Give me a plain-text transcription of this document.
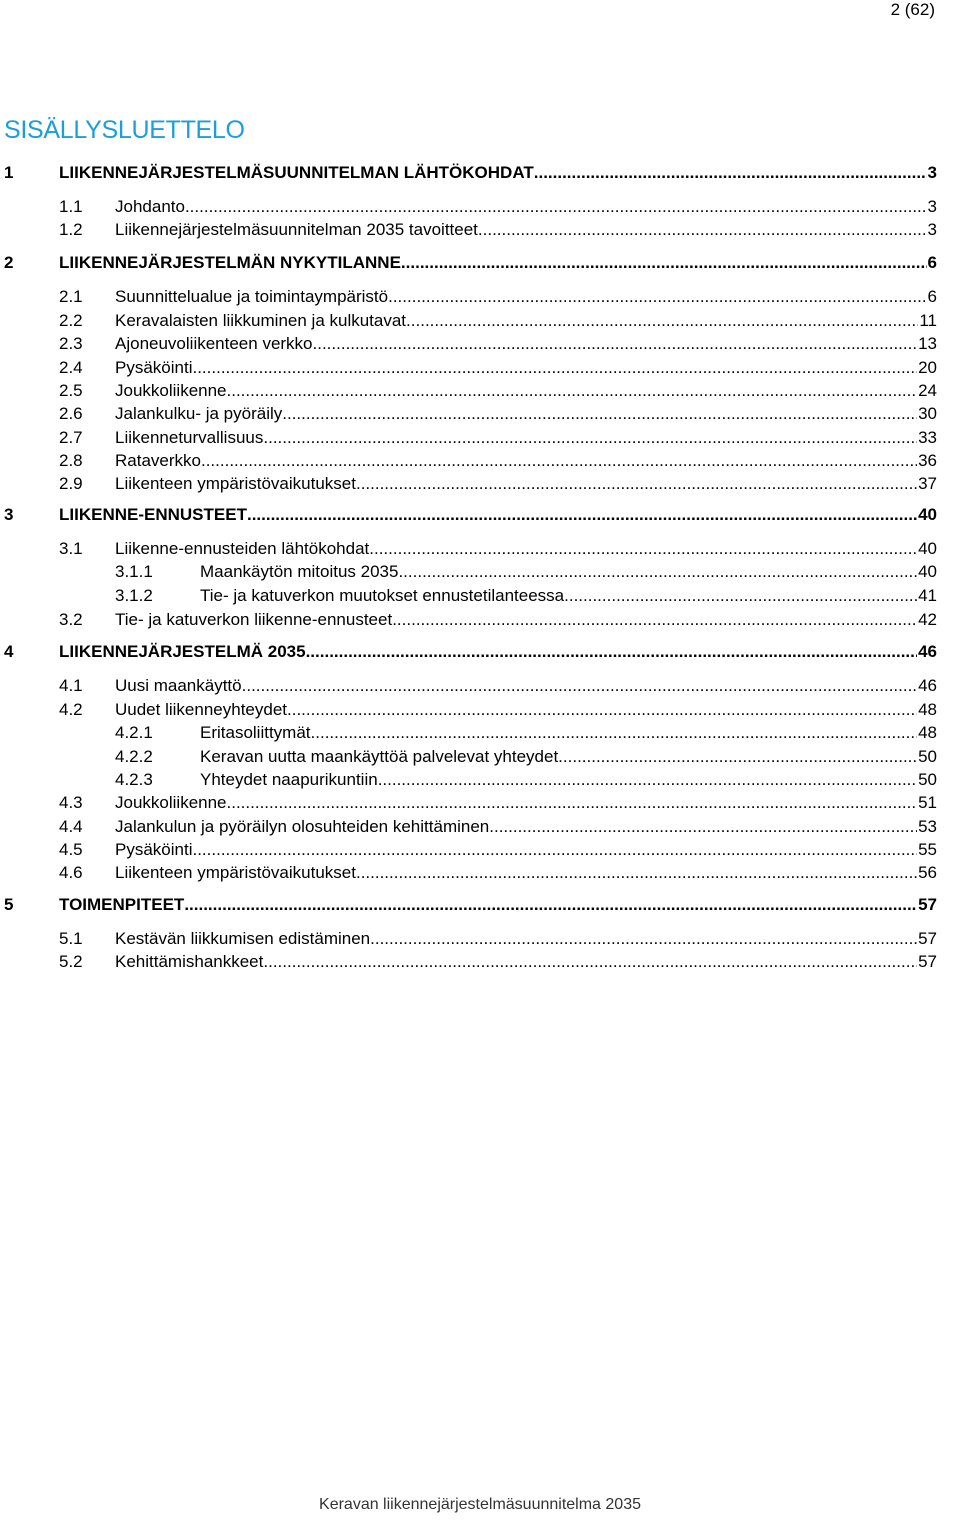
2 (62)
SISÄLLYSLUETTELO
1	LIIKENNEJÄRJESTELMÄSUUNNITELMAN LÄHTÖKOHDAT .....	3
1.1 Johdanto .....	3
1.2 Liikennejärjestelmäsuunnitelman 2035 tavoitteet .....	3
2	LIIKENNEJÄRJESTELMÄN NYKYTILANNE .....	6
2.1 Suunnittelualue ja toimintaympäristö .....	6
2.2 Keravalaisten liikkuminen ja kulkutavat .....	11
2.3 Ajoneuvoliikenteen verkko .....	13
2.4 Pysäköinti .....	20
2.5 Joukkoliikenne .....	24
2.6 Jalankulku- ja pyöräily .....	30
2.7 Liikenneturvallisuus .....	33
2.8 Rataverkko .....	36
2.9 Liikenteen ympäristövaikutukset .....	37
3	LIIKENNE-ENNUSTEET .....	40
3.1 Liikenne-ennusteiden lähtökohdat .....	40
3.1.1	Maankäytön mitoitus 2035 .....	40
3.1.2	Tie- ja katuverkon muutokset ennustetilanteessa .....	41
3.2 Tie- ja katuverkon liikenne-ennusteet .....	42
4	LIIKENNEJÄRJESTELMÄ 2035 .....	46
4.1 Uusi maankäyttö .....	46
4.2 Uudet liikenneyhteydet .....	48
4.2.1	Eritasoliittymät .....	48
4.2.2	Keravan uutta maankäyttöä palvelevat yhteydet .....	50
4.2.3	Yhteydet naapurikuntiin .....	50
4.3 Joukkoliikenne .....	51
4.4 Jalankulun ja pyöräilyn olosuhteiden kehittäminen .....	53
4.5 Pysäköinti .....	55
4.6 Liikenteen ympäristövaikutukset .....	56
5	TOIMENPITEET .....	57
5.1 Kestävän liikkumisen edistäminen .....	57
5.2 Kehittämishankkeet .....	57
Keravan liikennejärjestelmäsuunnitelma 2035
